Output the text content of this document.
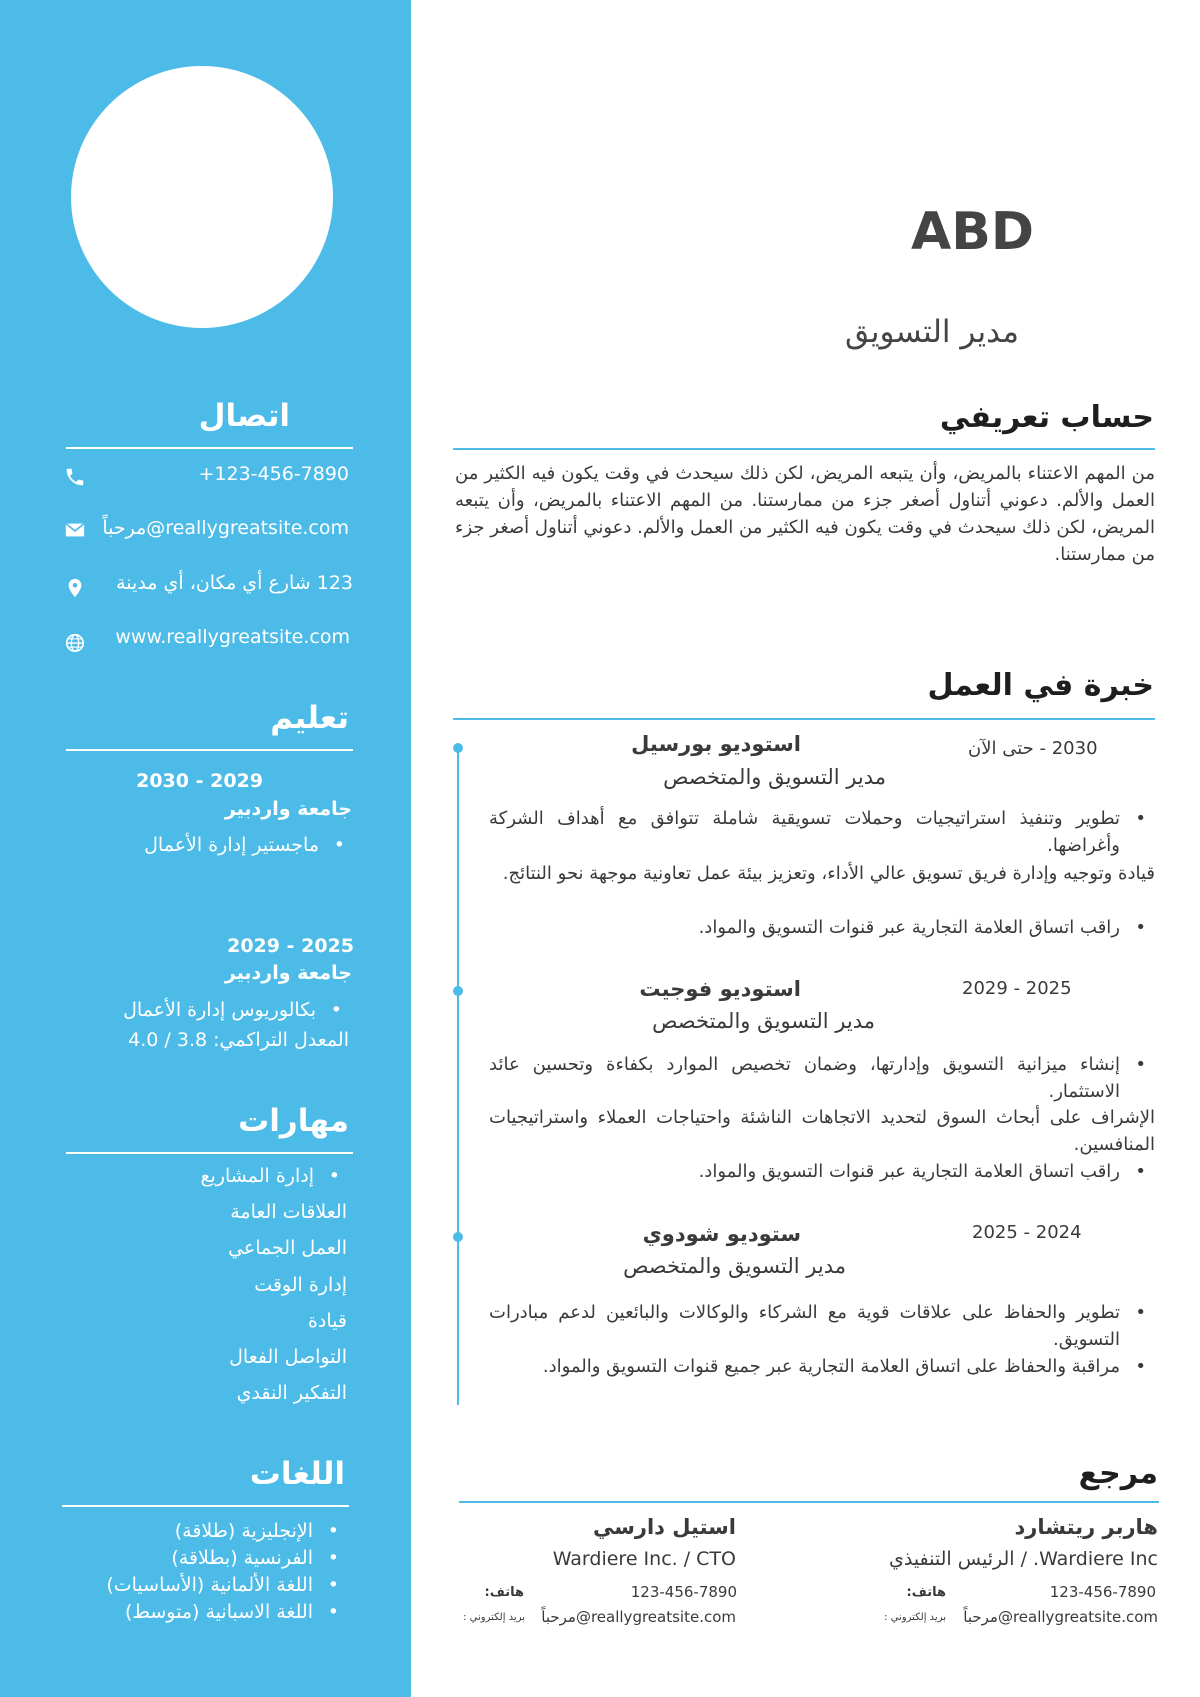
اتصال
+123-456-7890
مرحباً@reallygreatsite.com
123 شارع أي مكان، أي مدينة
www.reallygreatsite.com
تعليم
2030 - 2029
جامعة واردبير
ماجستير إدارة الأعمال •
2029 - 2025
جامعة واردبير
بكالوريوس إدارة الأعمال •
المعدل التراكمي: 3.8 / 4.0
مهارات
إدارة المشاريع •
العلاقات العامة
العمل الجماعي
إدارة الوقت
قيادة
التواصل الفعال
التفكير النقدي
اللغات
الإنجليزية (طلاقة) •
الفرنسية (بطلاقة) •
اللغة الألمانية (الأساسيات) •
اللغة الاسبانية (متوسط) •
ABD
مدير التسويق
حساب تعريفي
من المهم الاعتناء بالمريض، وأن يتبعه المريض، لكن ذلك سيحدث في وقت يكون فيه الكثير من العمل والألم. دعوني أتناول أصغر جزء من ممارستنا. من المهم الاعتناء بالمريض، وأن يتبعه المريض، لكن ذلك سيحدث في وقت يكون فيه الكثير من العمل والألم. دعوني أتناول أصغر جزء من ممارستنا.
خبرة في العمل
2030 - حتى الآن
استوديو بورسيل
مدير التسويق والمتخصص
• تطوير وتنفيذ استراتيجيات وحملات تسويقية شاملة تتوافق مع أهداف الشركة وأغراضها.
قيادة وتوجيه وإدارة فريق تسويق عالي الأداء، وتعزيز بيئة عمل تعاونية موجهة نحو النتائج.
• راقب اتساق العلامة التجارية عبر قنوات التسويق والمواد.
2029 - 2025
استوديو فوجيت
مدير التسويق والمتخصص
• إنشاء ميزانية التسويق وإدارتها، وضمان تخصيص الموارد بكفاءة وتحسين عائد الاستثمار.
الإشراف على أبحاث السوق لتحديد الاتجاهات الناشئة واحتياجات العملاء واستراتيجيات المنافسين.
• راقب اتساق العلامة التجارية عبر قنوات التسويق والمواد.
2025 - 2024
ستوديو شودوي
مدير التسويق والمتخصص
• تطوير والحفاظ على علاقات قوية مع الشركاء والوكالات والبائعين لدعم مبادرات التسويق.
• مراقبة والحفاظ على اتساق العلامة التجارية عبر جميع قنوات التسويق والمواد.
مرجع
هاربر ريتشارد
Wardiere Inc. / الرئيس التنفيذي
123-456-7890
هاتف:
مرحباً@reallygreatsite.com
بريد إلكتروني :
استيل دارسي
Wardiere Inc. / CTO
123-456-7890
هاتف:
مرحباً@reallygreatsite.com
بريد إلكتروني :
